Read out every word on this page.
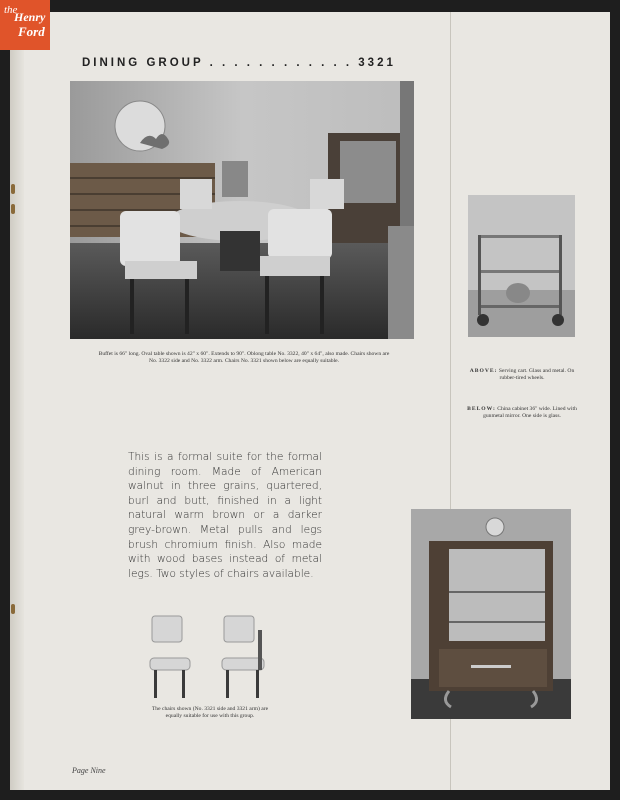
DINING GROUP . . . . . . . . . . . . 3321
Buffet is 66" long. Oval table shown is 42" x 60". Extends to 90". Oblong table No. 3322, 40" x 64", also made. Chairs shown are No. 3322 side and No. 3322 arm. Chairs No. 3321 shown below are equally suitable.
ABOVE: Serving cart. Glass and metal. On rubber-tired wheels.
BELOW: China cabinet 36" wide. Lined with gunmetal mirror. One side is glass.
This is a formal suite for the formal dining room. Made of American walnut in three grains, quartered, burl and butt, finished in a light natural warm brown or a darker grey-brown. Metal pulls and legs brush chromium finish. Also made with wood bases instead of metal legs. Two styles of chairs available.
The chairs shown (No. 3321 side and 3321 arm) are equally suitable for use with this group.
Page Nine
the
Henry
Ford
